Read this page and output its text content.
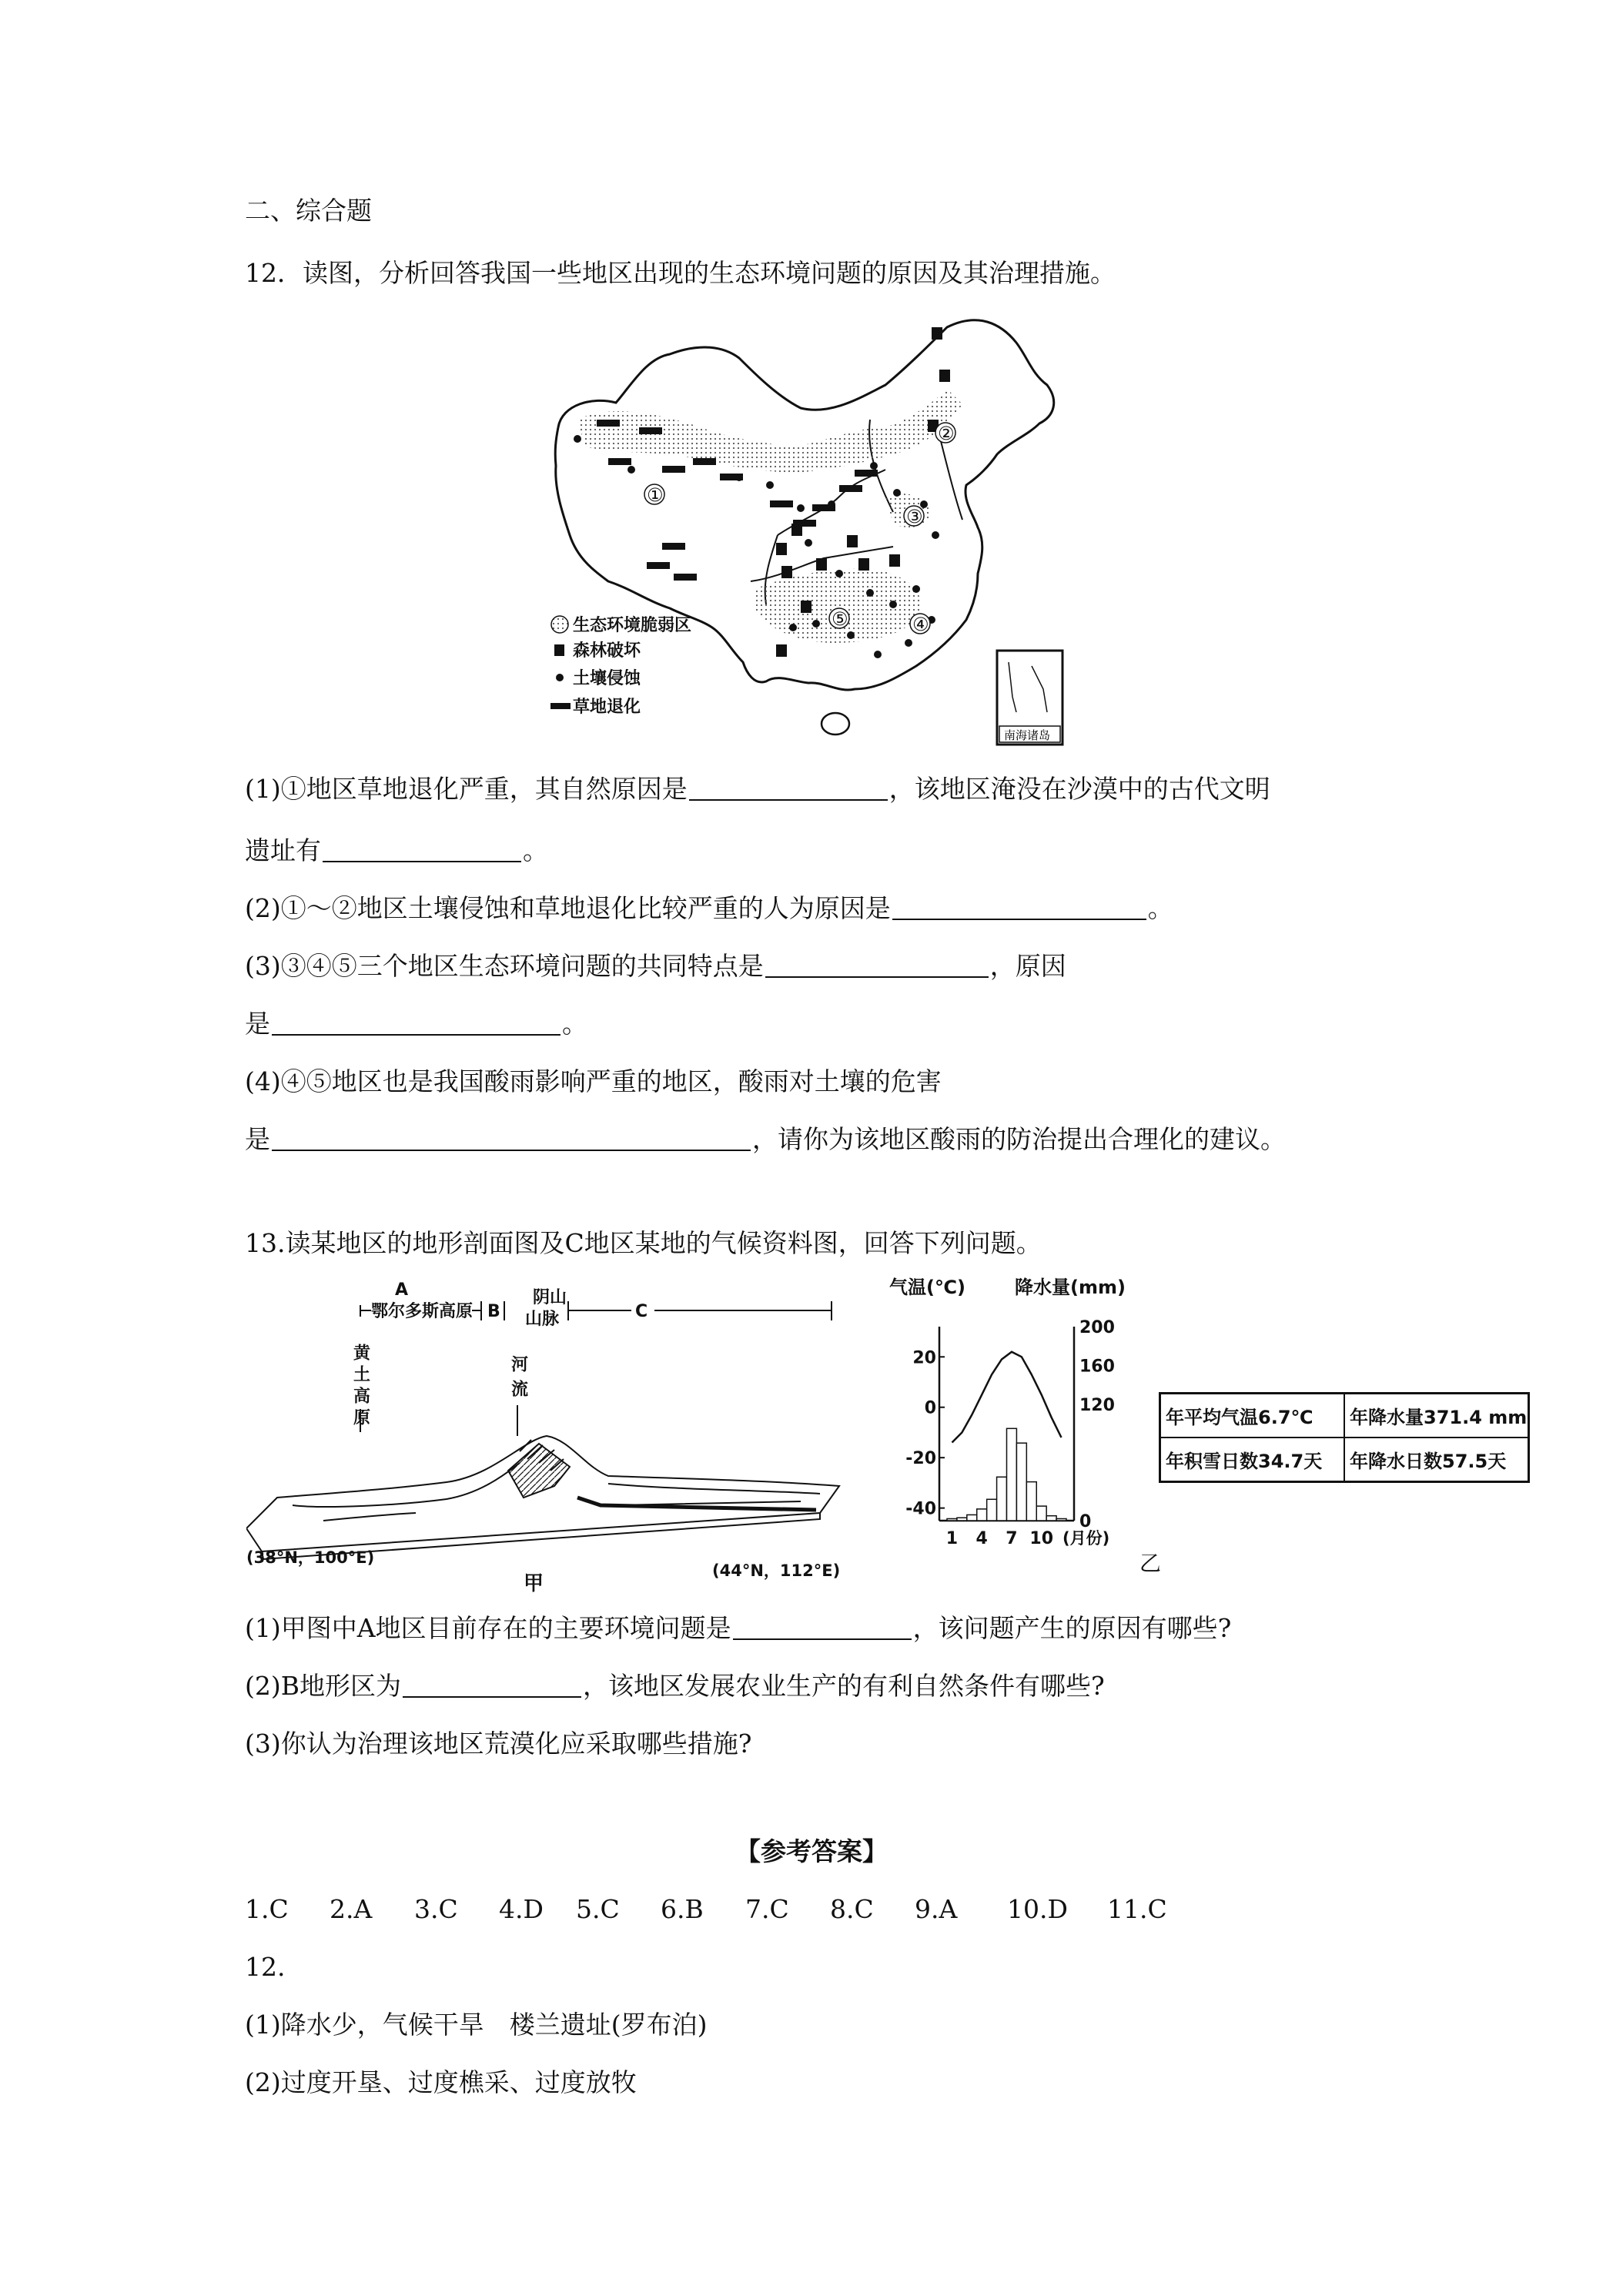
二、综合题
12．读图，分析回答我国一些地区出现的生态环境问题的原因及其治理措施。
①
②
③
④
⑤
生态环境脆弱区
森林破坏
土壤侵蚀
草地退化
南海诸岛
(1)①地区草地退化严重，其自然原因是	，该地区淹没在沙漠中的古代文明
遗址有	。
(2)①～②地区土壤侵蚀和草地退化比较严重的人为原因是	。
(3)③④⑤三个地区生态环境问题的共同特点是	，原因
是	。
(4)④⑤地区也是我国酸雨影响严重的地区，酸雨对土壤的危害
是	，请你为该地区酸雨的防治提出合理化的建议。
13.读某地区的地形剖面图及C地区某地的气候资料图，回答下列问题。
A
鄂尔多斯高原 B
阴山
山脉	C
黄土高原	河流
(38°N，100°E)
(44°N，112°E)
甲
气温(℃)	降水量(mm)
20
0
-20
-40
200
160
120
0
1 4 7 10 (月份)
乙
年平均气温6.7℃	年降水量371.4 mm
年积雪日数34.7天	年降水日数57.5天
(1)甲图中A地区目前存在的主要环境问题是	，该问题产生的原因有哪些?
(2)B地形区为	，该地区发展农业生产的有利自然条件有哪些?
(3)你认为治理该地区荒漠化应采取哪些措施?
【参考答案】
1.C	2.A	3.C	4.D	5.C	6.B	7.C	8.C	9.A	10.D	11.C
12.
(1)降水少，气候干旱　楼兰遗址(罗布泊)
(2)过度开垦、过度樵采、过度放牧
